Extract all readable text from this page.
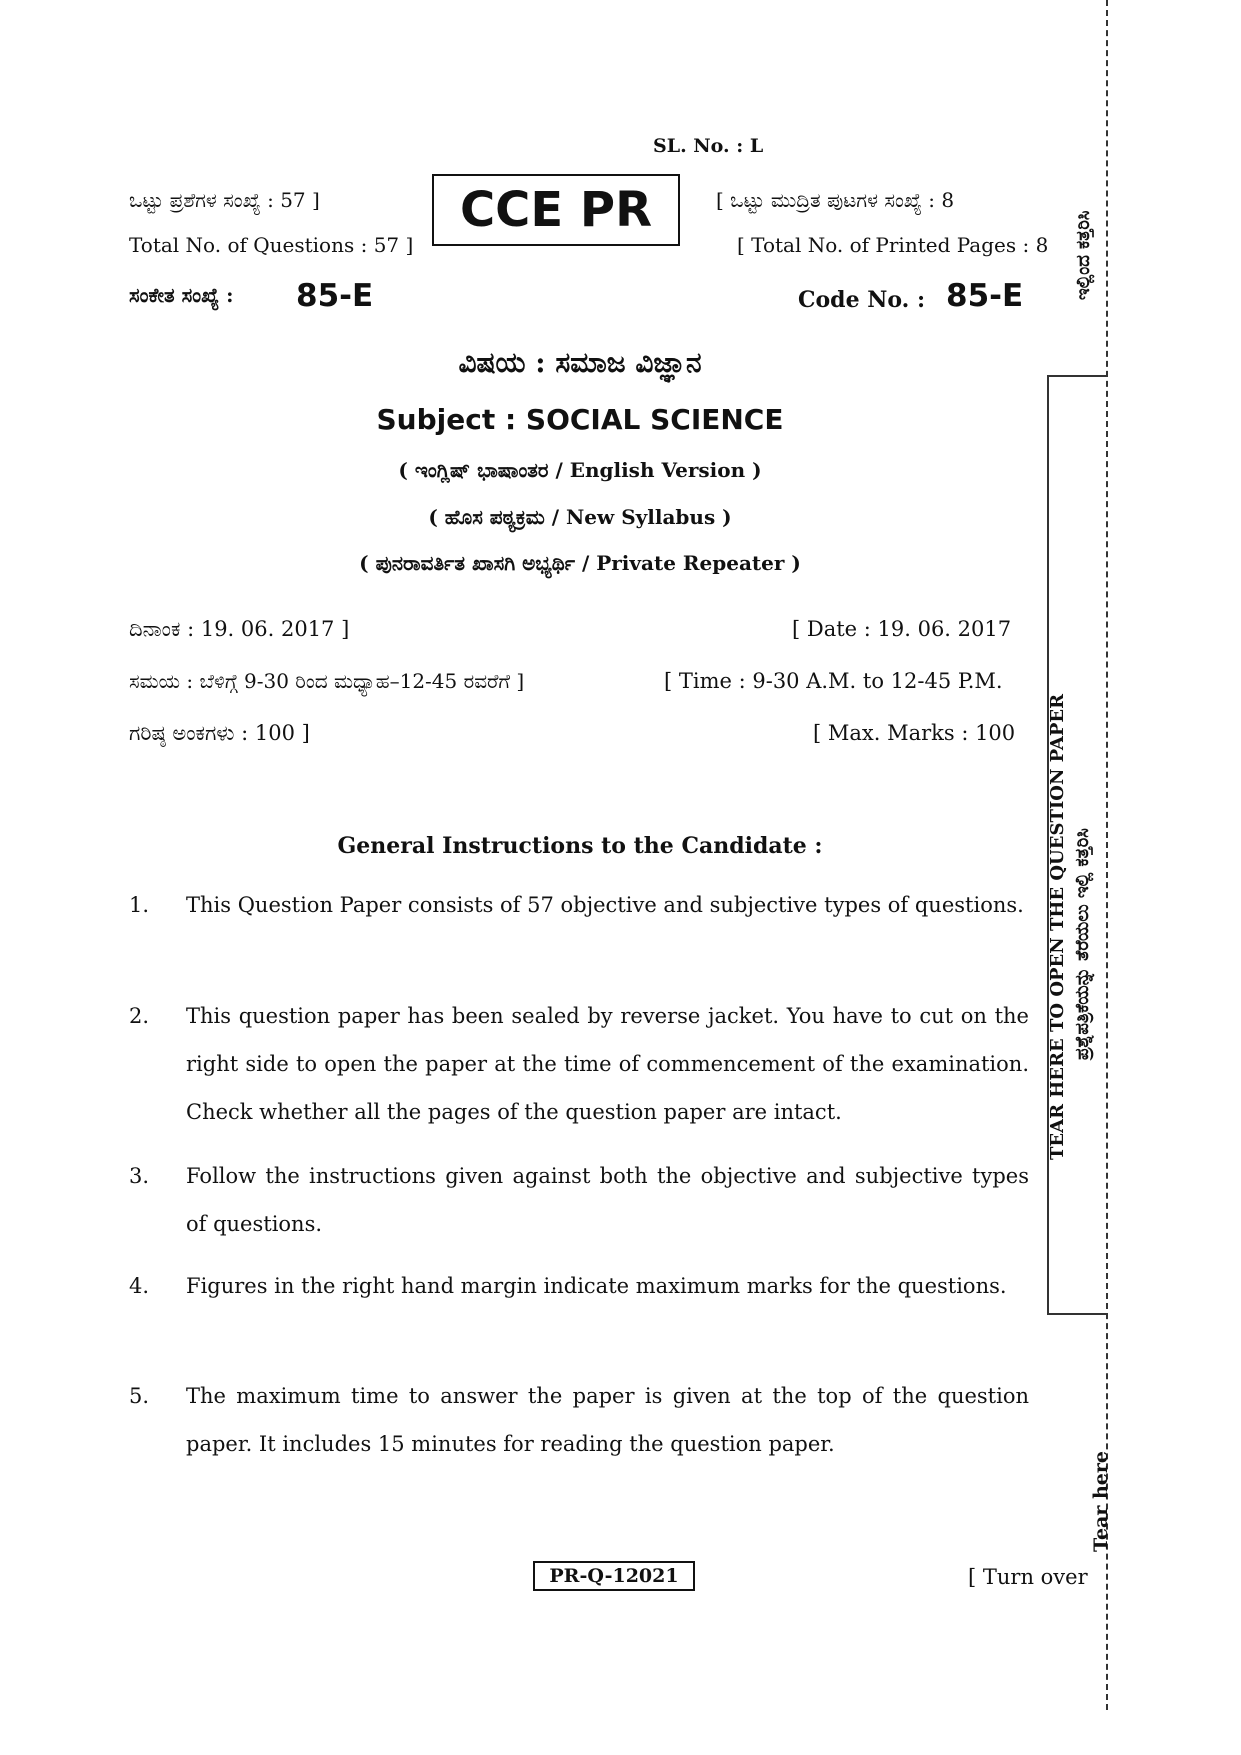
SL. No. : L
ಒಟ್ಟು ಪ್ರಶೆಗಳ ಸಂಖ್ಯೆ : 57 ]
Total No. of Questions : 57 ]
CCE PR	[ ಒಟ್ಟು ಮುದ್ರಿತ ಪುಟಗಳ ಸಂಖ್ಯೆ : 8
[ Total No. of Printed Pages : 8
ಸಂಕೇತ ಸಂಖ್ಯೆ : 85-E	Code No. : 85-E
ವಿಷಯ : ಸಮಾಜ ವಿಜ್ಞಾನ
Subject : SOCIAL SCIENCE
( ಇಂಗ್ಲಿಷ್ ಭಾಷಾಂತರ / English Version )
( ಹೊಸ ಪಠ್ಯಕ್ರಮ / New Syllabus )
( ಪುನರಾವರ್ತಿತ ಖಾಸಗಿ ಅಭ್ಯರ್ಥಿ / Private Repeater )
ದಿನಾಂಕ : 19. 06. 2017 ]	[ Date : 19. 06. 2017
ಸಮಯ : ಬೆಳಿಗ್ಗೆ 9-30 ರಿಂದ ಮಧ್ಯಾಹ–12-45 ರವರೆಗೆ ]	[ Time : 9-30 A.M. to 12-45 P.M.
ಗರಿಷ್ಠ ಅಂಕಗಳು : 100 ]	[ Max. Marks : 100
General Instructions to the Candidate :
1. This Question Paper consists of 57 objective and subjective types of questions.
2. This question paper has been sealed by reverse jacket. You have to cut on the right side to open the paper at the time of commencement of the examination. Check whether all the pages of the question paper are intact.
3. Follow the instructions given against both the objective and subjective types of questions.
4. Figures in the right hand margin indicate maximum marks for the questions.
5. The maximum time to answer the paper is given at the top of the question paper. It includes 15 minutes for reading the question paper.
PR-Q-12021	[ Turn over
TEAR HERE TO OPEN THE QUESTION PAPER ಪ್ರಶ್ನೆಪತ್ರಿಕೆಯನ್ನು ತೆರೆಯಲು ಇಲ್ಲಿ ಕತ್ತರಿಸಿ
ಇಲ್ಲಿಂದ ಕತ್ತರಿಸಿ
Tear here
